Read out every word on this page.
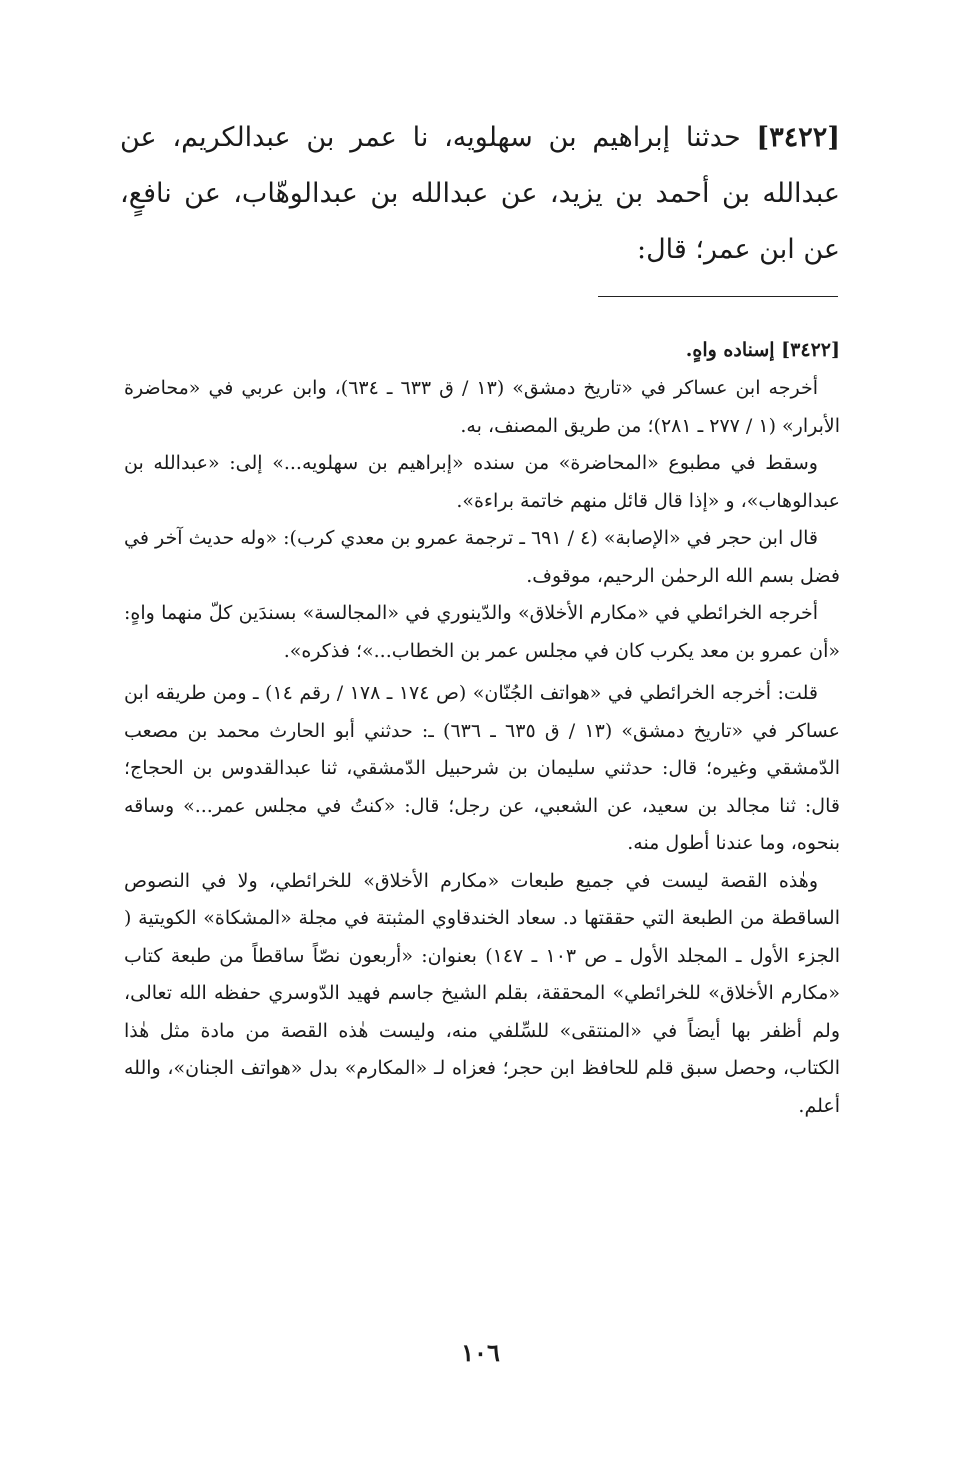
[٣٤٢٢] حدثنا إبراهيم بن سهلويه، نا عمر بن عبدالكريم، عن عبدالله بن أحمد بن يزيد، عن عبدالله بن عبدالوهّاب، عن نافعٍ، عن ابن عمر؛ قال:

[٣٤٢٢] إسناده واهٍ.

أخرجه ابن عساكر في «تاريخ دمشق» (١٣ / ق ٦٣٣ ـ ٦٣٤)، وابن عربي في «محاضرة الأبرار» (١ / ٢٧٧ ـ ٢٨١)؛ من طريق المصنف، به.

وسقط في مطبوع «المحاضرة» من سنده «إبراهيم بن سهلويه...» إلى: «عبدالله بن عبدالوهاب»، و «إذا قال قائل منهم خاتمة براءة».

قال ابن حجر في «الإصابة» (٤ / ٦٩١ ـ ترجمة عمرو بن معدي كرب): «وله حديث آخر في فضل بسم الله الرحمٰن الرحيم، موقوف.

أخرجه الخرائطي في «مكارم الأخلاق» والدّينوري في «المجالسة» بسندَين كلّ منهما واهٍ: «أن عمرو بن معد يكرب كان في مجلس عمر بن الخطاب...»؛ فذكره».

قلت: أخرجه الخرائطي في «هواتف الجُنّان» (ص ١٧٤ ـ ١٧٨ / رقم ١٤) ـ ومن طريقه ابن عساكر في «تاريخ دمشق» (١٣ / ق ٦٣٥ ـ ٦٣٦) ـ: حدثني أبو الحارث محمد بن مصعب الدّمشقي وغيره؛ قال: حدثني سليمان بن شرحبيل الدّمشقي، ثنا عبدالقدوس بن الحجاج؛ قال: ثنا مجالد بن سعيد، عن الشعبي، عن رجل؛ قال: «كنتُ في مجلس عمر...» وساقه بنحوه، وما عندنا أطول منه.

وهٰذه القصة ليست في جميع طبعات «مكارم الأخلاق» للخرائطي، ولا في النصوص الساقطة من الطبعة التي حققتها د. سعاد الخندقاوي المثبتة في مجلة «المشكاة» الكويتية ( الجزء الأول ـ المجلد الأول ـ ص ١٠٣ ـ ١٤٧) بعنوان: «أربعون نصّاً ساقطاً من طبعة كتاب «مكارم الأخلاق» للخرائطي» المحققة، بقلم الشيخ جاسم فهيد الدّوسري حفظه الله تعالى، ولم أظفر بها أيضاً في «المنتقى» للسِّلفي منه، وليست هٰذه القصة من مادة مثل هٰذا الكتاب، وحصل سبق قلم للحافظ ابن حجر؛ فعزاه لـ «المكارم» بدل «هواتف الجنان»، والله أعلم.

١٠٦
